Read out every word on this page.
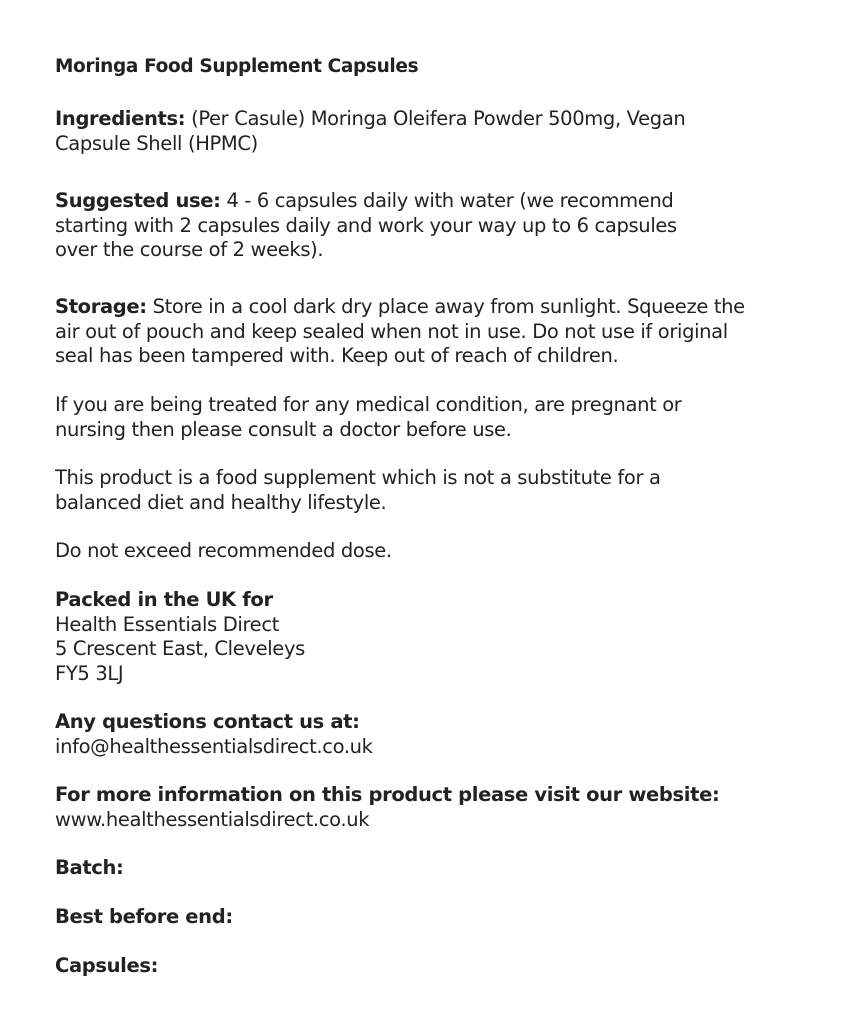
Moringa Food Supplement Capsules
Ingredients: (Per Casule) Moringa Oleifera Powder 500mg, Vegan
Capsule Shell (HPMC)
Suggested use: 4 - 6 capsules daily with water (we recommend
starting with 2 capsules daily and work your way up to 6 capsules
over the course of 2 weeks).
Storage: Store in a cool dark dry place away from sunlight. Squeeze the
air out of pouch and keep sealed when not in use. Do not use if original
seal has been tampered with. Keep out of reach of children.
If you are being treated for any medical condition, are pregnant or
nursing then please consult a doctor before use.
This product is a food supplement which is not a substitute for a
balanced diet and healthy lifestyle.
Do not exceed recommended dose.
Packed in the UK for
Health Essentials Direct
5 Crescent East, Cleveleys
FY5 3LJ
Any questions contact us at:
info@healthessentialsdirect.co.uk
For more information on this product please visit our website:
www.healthessentialsdirect.co.uk
Batch:
Best before end:
Capsules:
